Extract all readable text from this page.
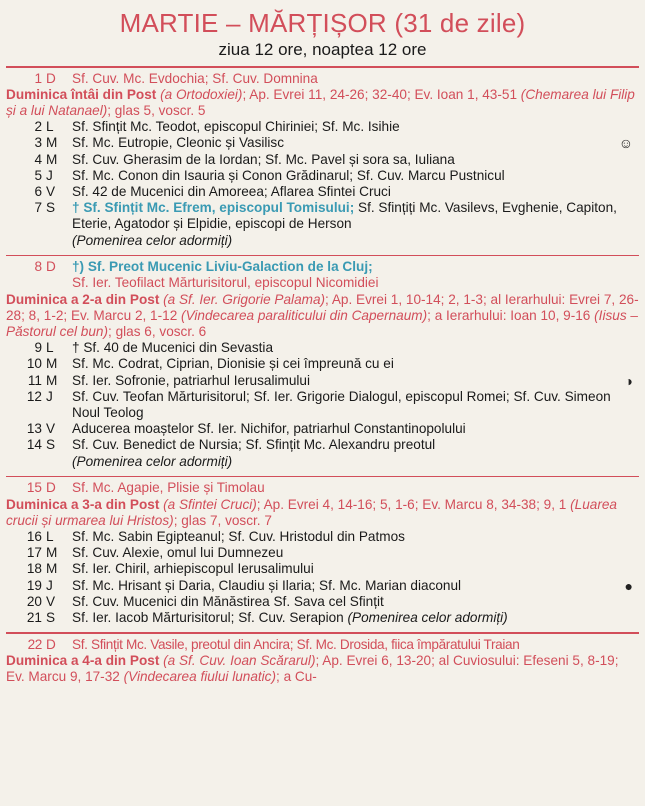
MARTIE – MĂRȚIȘOR (31 de zile)
ziua 12 ore, noaptea 12 ore
1 D	Sf. Cuv. Mc. Evdochia; Sf. Cuv. Domnina

Duminica întâi din Post (a Ortodoxiei); Ap. Evrei 11, 24-26; 32-40; Ev. Ioan 1, 43-51 (Chemarea lui Filip și a lui Natanael); glas 5, voscr. 5

2 L	Sf. Sfințit Mc. Teodot, episcopul Chiriniei; Sf. Mc. Isihie
3 M	Sf. Mc. Eutropie, Cleonic și Vasilisc	☺
4 M	Sf. Cuv. Gherasim de la Iordan; Sf. Mc. Pavel și sora sa, Iuliana
5 J	Sf. Mc. Conon din Isauria și Conon Grădinarul; Sf. Cuv. Marcu Pustnicul
6 V	Sf. 42 de Mucenici din Amoreea; Aflarea Sfintei Cruci
7 S	† Sf. Sfințit Mc. Efrem, episcopul Tomisului; Sf. Sfințiți Mc. Vasilevs, Evghenie, Capiton, Eterie, Agatodor și Elpidie, episcopi de Herson
(Pomenirea celor adormiți)
8 D	†) Sf. Preot Mucenic Liviu-Galaction de la Cluj;
Sf. Ier. Teofilact Mărturisitorul, episcopul Nicomidiei

Duminica a 2-a din Post (a Sf. Ier. Grigorie Palama); Ap. Evrei 1, 10-14; 2, 1-3; al Ierarhului: Evrei 7, 26-28; 8, 1-2; Ev. Marcu 2, 1-12 (Vindecarea paraliticului din Capernaum); a Ierarhului: Ioan 10, 9-16 (Iisus – Păstorul cel bun); glas 6, voscr. 6

9 L	† Sf. 40 de Mucenici din Sevastia
10 M	Sf. Mc. Codrat, Ciprian, Dionisie și cei împreună cu ei
11 M	Sf. Ier. Sofronie, patriarhul Ierusalimului	◑
12 J	Sf. Cuv. Teofan Mărturisitorul; Sf. Ier. Grigorie Dialogul, episcopul Romei; Sf. Cuv. Simeon Noul Teolog
13 V	Aducerea moaștelor Sf. Ier. Nichifor, patriarhul Constantinopolului
14 S	Sf. Cuv. Benedict de Nursia; Sf. Sfințit Mc. Alexandru preotul
(Pomenirea celor adormiți)
15 D	Sf. Mc. Agapie, Plisie și Timolau

Duminica a 3-a din Post (a Sfintei Cruci); Ap. Evrei 4, 14-16; 5, 1-6; Ev. Marcu 8, 34-38; 9, 1 (Luarea crucii și urmarea lui Hristos); glas 7, voscr. 7

16 L	Sf. Mc. Sabin Egipteanul; Sf. Cuv. Hristodul din Patmos
17 M	Sf. Cuv. Alexie, omul lui Dumnezeu
18 M	Sf. Ier. Chiril, arhiepiscopul Ierusalimului
19 J	Sf. Mc. Hrisant și Daria, Claudiu și Ilaria; Sf. Mc. Marian diaconul	●
20 V	Sf. Cuv. Mucenici din Mănăstirea Sf. Sava cel Sfințit
21 S	Sf. Ier. Iacob Mărturisitorul; Sf. Cuv. Serapion (Pomenirea celor adormiți)
22 D	Sf. Sfințit Mc. Vasile, preotul din Ancira; Sf. Mc. Drosida, fiica împăratului Traian

Duminica a 4-a din Post (a Sf. Cuv. Ioan Scărarul); Ap. Evrei 6, 13-20; al Cuviosului: Efeseni 5, 8-19; Ev. Marcu 9, 17-32 (Vindecarea fiului lunatic); a Cu-
